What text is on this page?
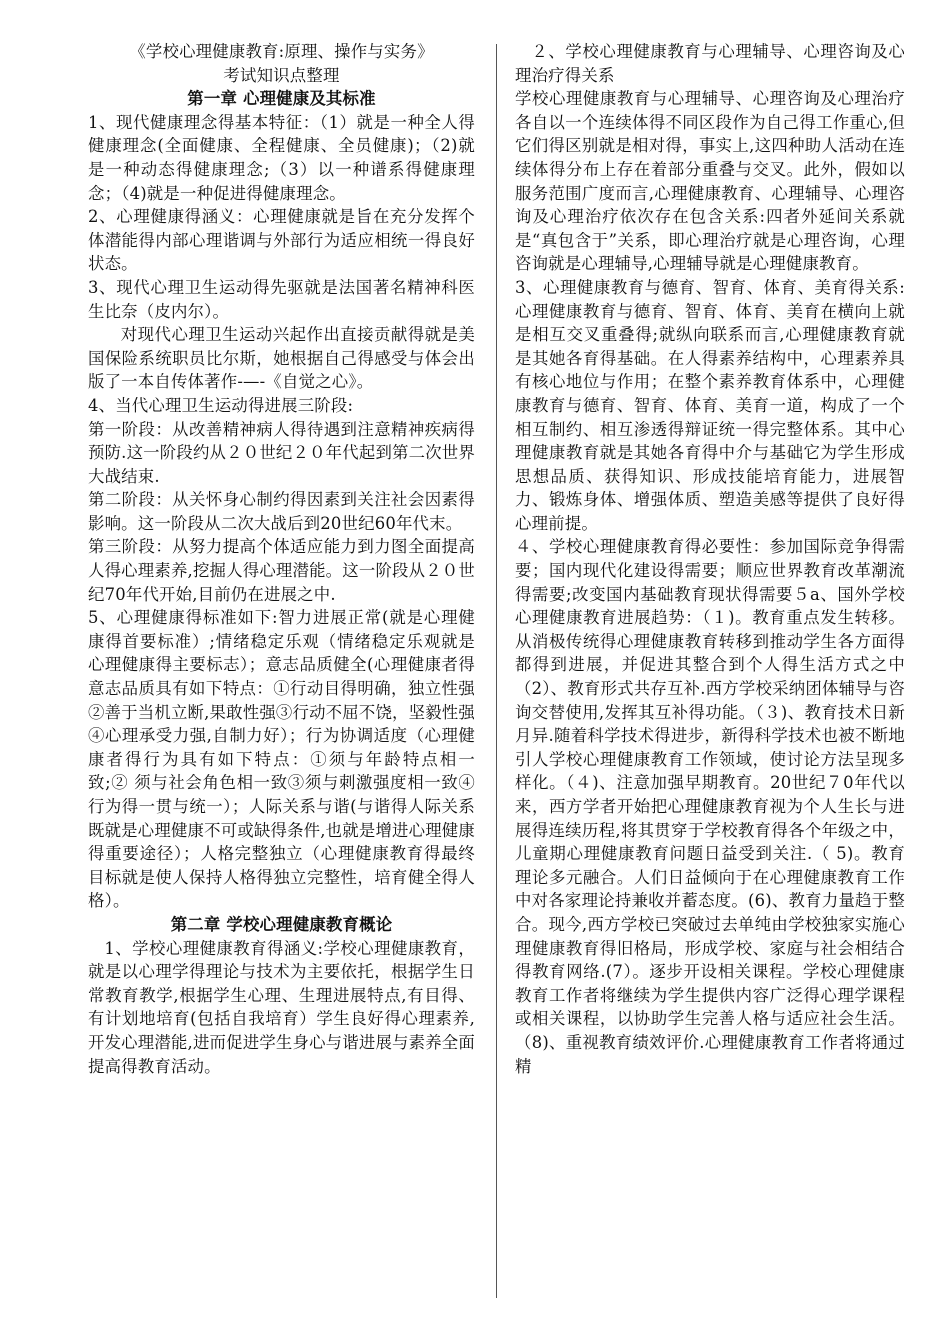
《学校心理健康教育:原理、操作与实务》

考试知识点整理

第一章 心理健康及其标准

1、现代健康理念得基本特征：（1）就是一种全人得健康理念(全面健康、全程健康、全员健康)；（2)就是一种动态得健康理念;（3）以一种谱系得健康理念；（4)就是一种促进得健康理念。

2、心理健康得涵义：心理健康就是旨在充分发挥个体潜能得内部心理谐调与外部行为适应相统一得良好状态。

3、现代心理卫生运动得先驱就是法国著名精神科医生比奈（皮内尔）。

对现代心理卫生运动兴起作出直接贡献得就是美国保险系统职员比尔斯，她根据自己得感受与体会出版了一本自传体著作-—-《自觉之心》。

4、当代心理卫生运动得进展三阶段:

第一阶段：从改善精神病人得待遇到注意精神疾病得预防.这一阶段约从２０世纪２０年代起到第二次世界大战结束.

第二阶段：从关怀身心制约得因素到关注社会因素得影响。这一阶段从二次大战后到20世纪60年代末。

第三阶段：从努力提高个体适应能力到力图全面提高人得心理素养,挖掘人得心理潜能。这一阶段从２０世纪70年代开始,目前仍在进展之中.

5、心理健康得标准如下:智力进展正常(就是心理健康得首要标准）;情绪稳定乐观（情绪稳定乐观就是心理健康得主要标志）；意志品质健全(心理健康者得意志品质具有如下特点：①行动目得明确，独立性强②善于当机立断,果敢性强③行动不屈不饶，坚毅性强④心理承受力强,自制力好）；行为协调适度（心理健康者得行为具有如下特点：①须与年龄特点相一致;② 须与社会角色相一致③须与刺激强度相一致④行为得一贯与统一）；人际关系与谐(与谐得人际关系既就是心理健康不可或缺得条件,也就是增进心理健康得重要途径）；人格完整独立（心理健康教育得最终目标就是使人保持人格得独立完整性，培育健全得人格）。

第二章 学校心理健康教育概论

1、学校心理健康教育得涵义:学校心理健康教育，就是以心理学得理论与技术为主要依托，根据学生日常教育教学,根据学生心理、生理进展特点,有目得、有计划地培育(包括自我培育）学生良好得心理素养,开发心理潜能,进而促进学生身心与谐进展与素养全面提高得教育活动。

２、学校心理健康教育与心理辅导、心理咨询及心理治疗得关系

学校心理健康教育与心理辅导、心理咨询及心理治疗各自以一个连续体得不同区段作为自己得工作重心,但它们得区别就是相对得，事实上,这四种助人活动在连续体得分布上存在着部分重叠与交叉。此外，假如以服务范围广度而言,心理健康教育、心理辅导、心理咨询及心理治疗依次存在包含关系:四者外延间关系就是“真包含于”关系，即心理治疗就是心理咨询，心理咨询就是心理辅导,心理辅导就是心理健康教育。

3、心理健康教育与德育、智育、体育、美育得关系:心理健康教育与德育、智育、体育、美育在横向上就是相互交叉重叠得;就纵向联系而言,心理健康教育就是其她各育得基础。在人得素养结构中，心理素养具有核心地位与作用；在整个素养教育体系中，心理健康教育与德育、智育、体育、美育一道，构成了一个相互制约、相互渗透得辩证统一得完整体系。其中心理健康教育就是其她各育得中介与基础它为学生形成思想品质、获得知识、形成技能培育能力，进展智力、锻炼身体、增强体质、塑造美感等提供了良好得心理前提。

４、学校心理健康教育得必要性：参加国际竞争得需要；国内现代化建设得需要；顺应世界教育改革潮流得需要;改变国内基础教育现状得需要５a、国外学校心理健康教育进展趋势：（１)。教育重点发生转移。从消极传统得心理健康教育转移到推动学生各方面得都得到进展，并促进其整合到个人得生活方式之中（2）、教育形式共存互补.西方学校采纳团体辅导与咨询交替使用,发挥其互补得功能。（３)、教育技术日新月异.随着科学技术得进步，新得科学技术也被不断地引人学校心理健康教育工作领域，使讨论方法呈现多样化。（４)、注意加强早期教育。20世纪７0年代以来，西方学者开始把心理健康教育视为个人生长与进展得连续历程,将其贯穿于学校教育得各个年级之中，儿童期心理健康教育问题日益受到关注.（ 5)。教育理论多元融合。人们日益倾向于在心理健康教育工作中对各家理论持兼收并蓄态度。(6)、教育力量趋于整合。现今,西方学校已突破过去单纯由学校独家实施心理健康教育得旧格局，形成学校、家庭与社会相结合得教育网络.(7）。逐步开设相关课程。学校心理健康教育工作者将继续为学生提供内容广泛得心理学课程或相关课程，以协助学生完善人格与适应社会生活。（8)、重视教育绩效评价.心理健康教育工作者将通过精
